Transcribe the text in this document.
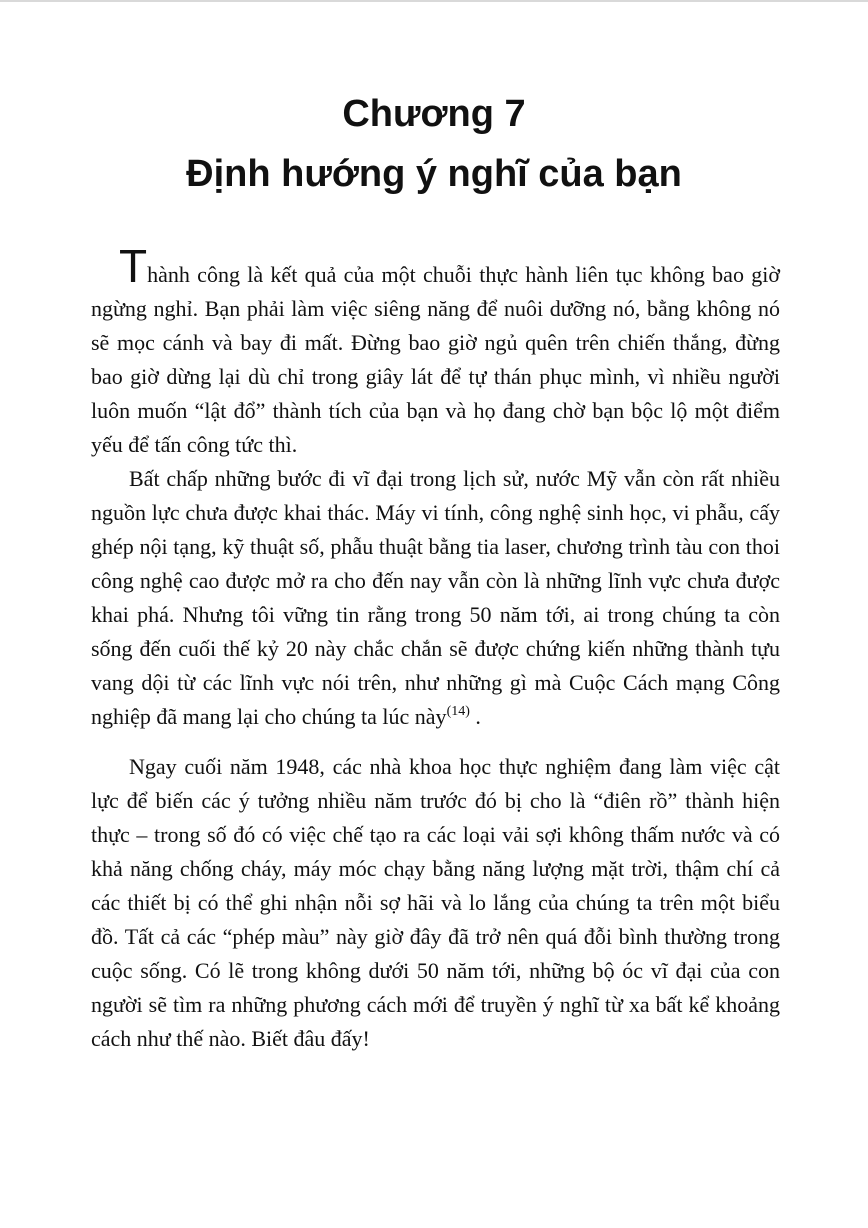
Chương 7
Định hướng ý nghĩ của bạn

Thành công là kết quả của một chuỗi thực hành liên tục không bao giờ ngừng nghỉ. Bạn phải làm việc siêng năng để nuôi dưỡng nó, bằng không nó sẽ mọc cánh và bay đi mất. Đừng bao giờ ngủ quên trên chiến thắng, đừng bao giờ dừng lại dù chỉ trong giây lát để tự thán phục mình, vì nhiều người luôn muốn “lật đổ” thành tích của bạn và họ đang chờ bạn bộc lộ một điểm yếu để tấn công tức thì.

Bất chấp những bước đi vĩ đại trong lịch sử, nước Mỹ vẫn còn rất nhiều nguồn lực chưa được khai thác. Máy vi tính, công nghệ sinh học, vi phẫu, cấy ghép nội tạng, kỹ thuật số, phẫu thuật bằng tia laser, chương trình tàu con thoi công nghệ cao được mở ra cho đến nay vẫn còn là những lĩnh vực chưa được khai phá. Nhưng tôi vững tin rằng trong 50 năm tới, ai trong chúng ta còn sống đến cuối thế kỷ 20 này chắc chắn sẽ được chứng kiến những thành tựu vang dội từ các lĩnh vực nói trên, như những gì mà Cuộc Cách mạng Công nghiệp đã mang lại cho chúng ta lúc này$^{(14)}$ .

Ngay cuối năm 1948, các nhà khoa học thực nghiệm đang làm việc cật lực để biến các ý tưởng nhiều năm trước đó bị cho là “điên rồ” thành hiện thực – trong số đó có việc chế tạo ra các loại vải sợi không thấm nước và có khả năng chống cháy, máy móc chạy bằng năng lượng mặt trời, thậm chí cả các thiết bị có thể ghi nhận nỗi sợ hãi và lo lắng của chúng ta trên một biểu đồ. Tất cả các “phép màu” này giờ đây đã trở nên quá đỗi bình thường trong cuộc sống. Có lẽ trong không dưới 50 năm tới, những bộ óc vĩ đại của con người sẽ tìm ra những phương cách mới để truyền ý nghĩ từ xa bất kể khoảng cách như thế nào. Biết đâu đấy!
